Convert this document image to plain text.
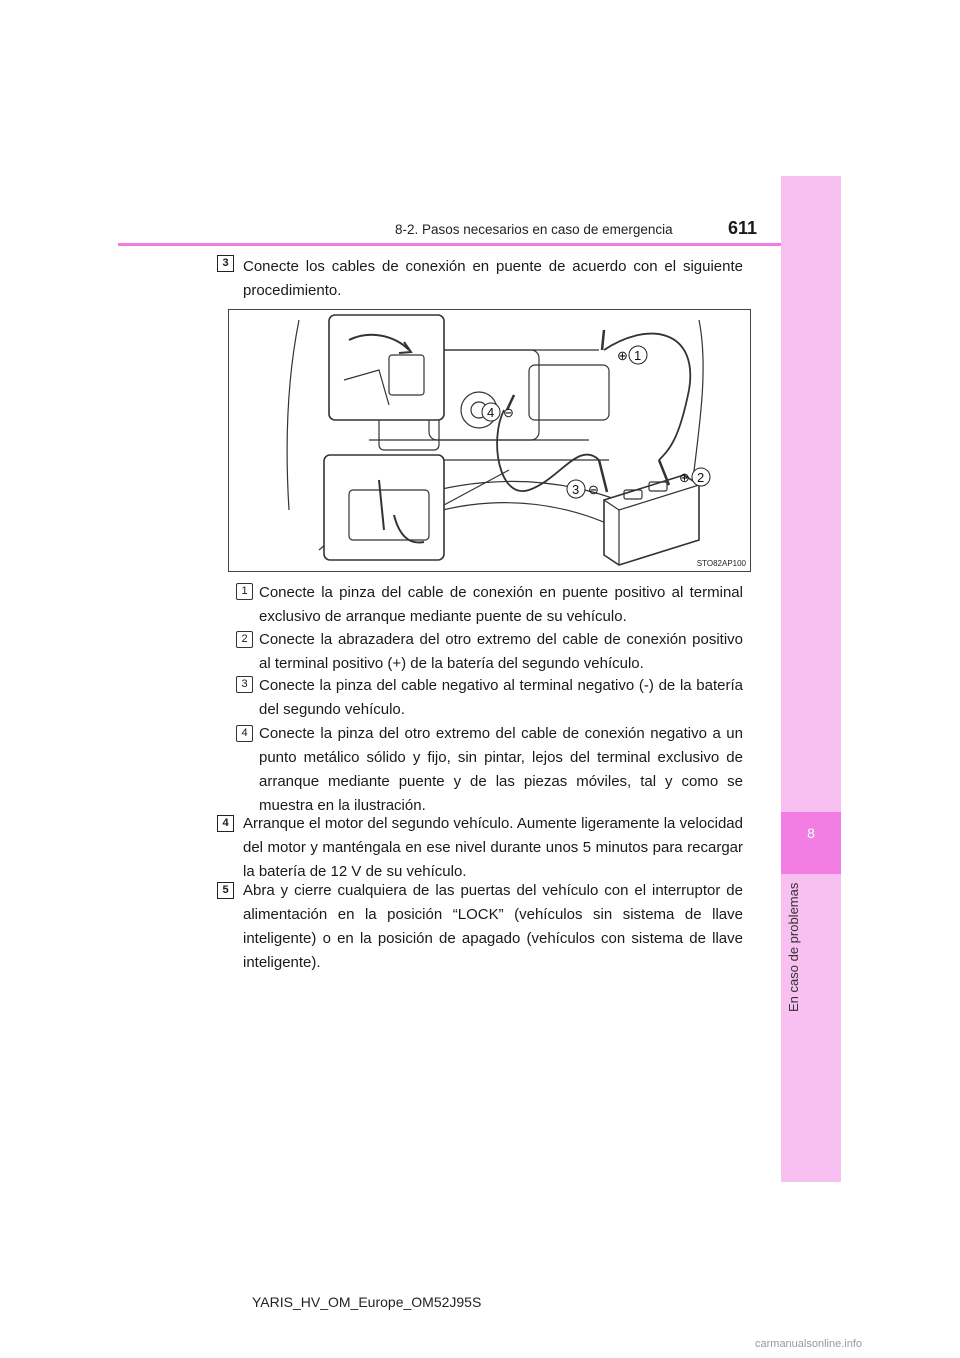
8
En caso de problemas
8-2. Pasos necesarios en caso de emergencia	611
3 Conecte los cables de conexión en puente de acuerdo con el siguiente procedimiento.
1
⊕
2
⊕
3 ⊖
4 ⊖
STO82AP100
1 Conecte la pinza del cable de conexión en puente positivo al terminal exclusivo de arranque mediante puente de su vehículo.
2 Conecte la abrazadera del otro extremo del cable de conexión positivo al terminal positivo (+) de la batería del segundo vehículo.
3 Conecte la pinza del cable negativo al terminal negativo (-) de la batería del segundo vehículo.
4 Conecte la pinza del otro extremo del cable de conexión negativo a un punto metálico sólido y fijo, sin pintar, lejos del terminal exclusivo de arranque mediante puente y de las piezas móviles, tal y como se muestra en la ilustración.
4 Arranque el motor del segundo vehículo. Aumente ligeramente la velocidad del motor y manténgala en ese nivel durante unos 5 minutos para recargar la batería de 12 V de su vehículo.
5 Abra y cierre cualquiera de las puertas del vehículo con el interruptor de alimentación en la posición “LOCK” (vehículos sin sistema de llave inteligente) o en la posición de apagado (vehículos con sistema de llave inteligente).
YARIS_HV_OM_Europe_OM52J95S
carmanualsonline.info
